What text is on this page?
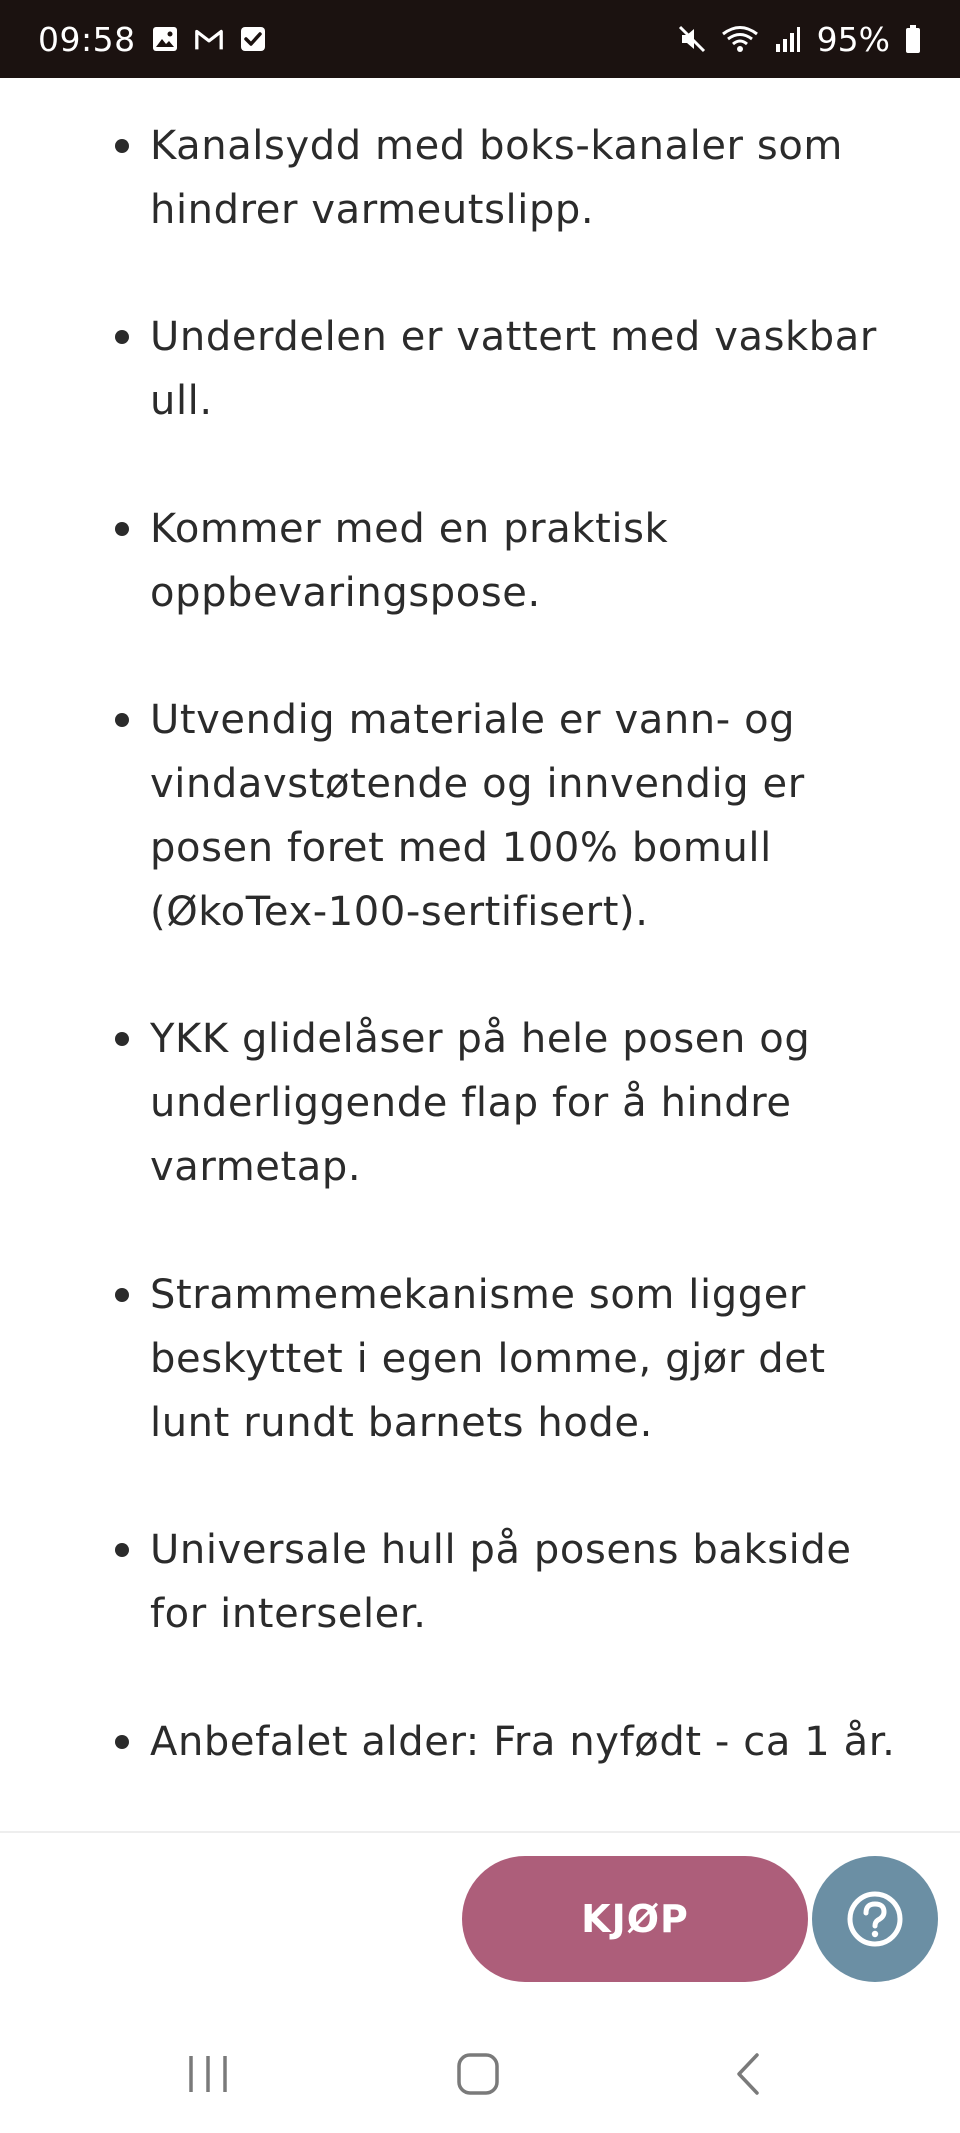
09:58	95%
Kanalsydd med boks-kanaler som
hindrer varmeutslipp.
Underdelen er vattert med vaskbar
ull.
Kommer med en praktisk
oppbevaringspose.
Utvendig materiale er vann- og
vindavstøtende og innvendig er
posen foret med 100% bomull
(ØkoTex-100-sertifisert).
YKK glidelåser på hele posen og
underliggende flap for å hindre
varmetap.
Strammemekanisme som ligger
beskyttet i egen lomme, gjør det
lunt rundt barnets hode.
Universale hull på posens bakside
for interseler.
Anbefalet alder: Fra nyfødt - ca 1 år.
KJØP
